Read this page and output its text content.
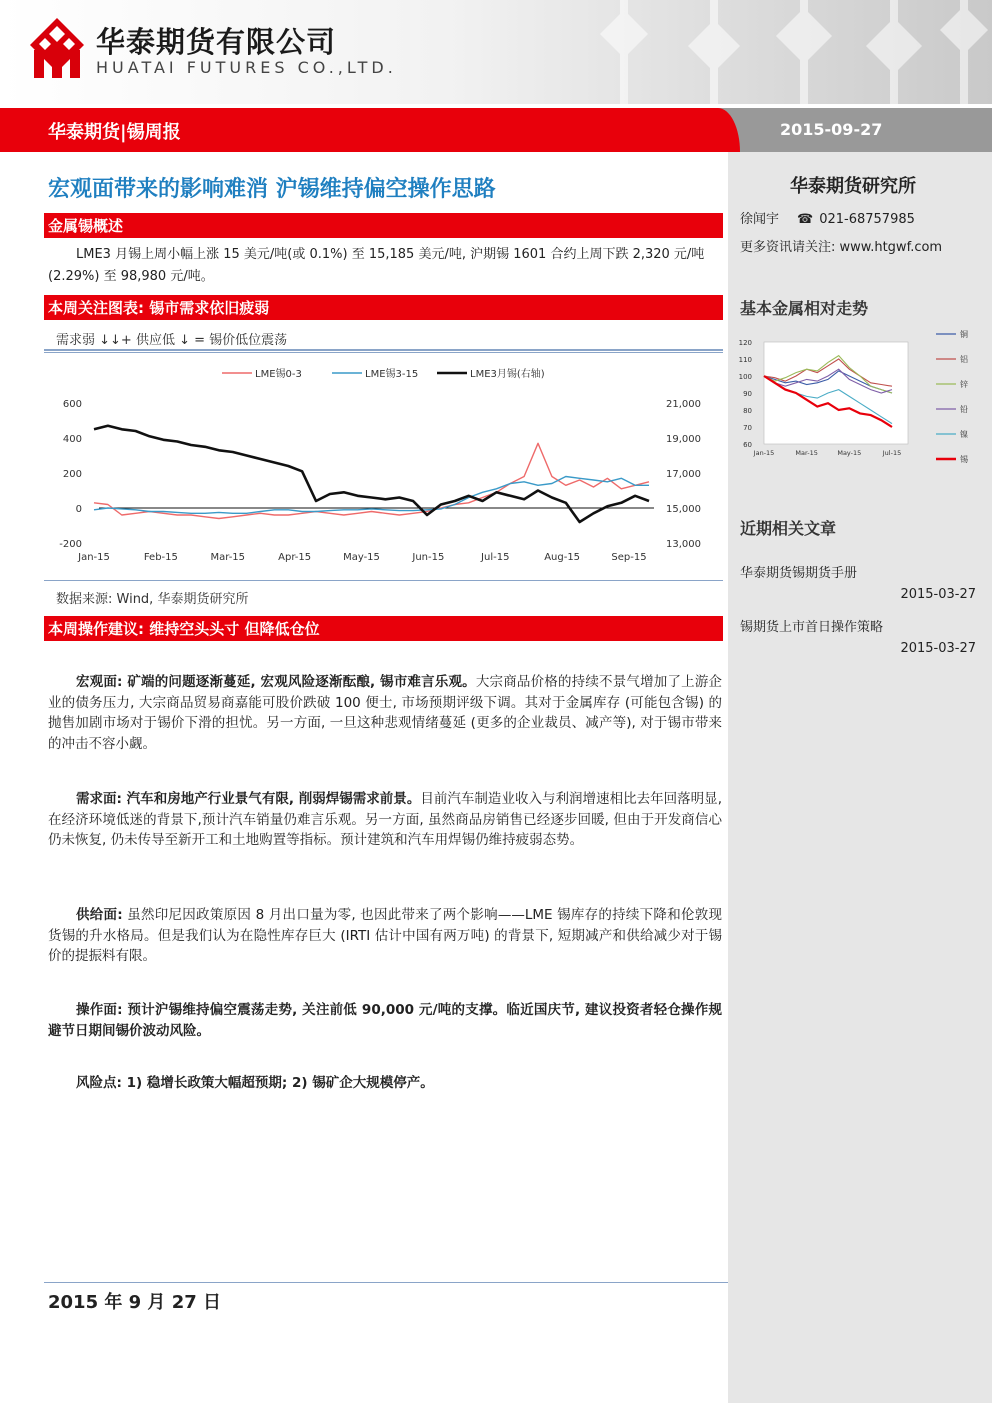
华泰期货有限公司
HUATAI FUTURES CO.,LTD.
华泰期货|锡周报	2015-09-27
华泰期货研究所
徐闻宇 ☎ 021-68757985
更多资讯请关注: www.htgwf.com
基本金属相对走势
120
110
100
90
80
70
60
Jan-15	Mar-15	May-15	Jul-15
铜
铝
锌
铅
镍
锡
近期相关文章
华泰期货锡期货手册
2015-03-27
锡期货上市首日操作策略
2015-03-27
宏观面带来的影响难消 沪锡维持偏空操作思路
金属锡概述
LME3 月锡上周小幅上涨 15 美元/吨(或 0.1%) 至 15,185 美元/吨, 沪期锡 1601 合约上周下跌 2,320 元/吨 (2.29%) 至 98,980 元/吨。
本周关注图表: 锡市需求依旧疲弱
需求弱 ↓↓+ 供应低 ↓ = 锡价低位震荡
LME锡0-3	LME锡3-15	LME3月锡(右轴)
600
400
200
0
-200
21,000
19,000
17,000
15,000
13,000
Jan-15	Feb-15	Mar-15	Apr-15	May-15	Jun-15	Jul-15	Aug-15	Sep-15
数据来源: Wind, 华泰期货研究所
本周操作建议: 维持空头头寸 但降低仓位
宏观面: 矿端的问题逐渐蔓延, 宏观风险逐渐酝酿, 锡市难言乐观。大宗商品价格的持续不景气增加了上游企业的债务压力, 大宗商品贸易商嘉能可股价跌破 100 便士, 市场预期评级下调。其对于金属库存 (可能包含锡) 的抛售加剧市场对于锡价下滑的担忧。另一方面, 一旦这种悲观情绪蔓延 (更多的企业裁员、减产等), 对于锡市带来的冲击不容小觑。
需求面: 汽车和房地产行业景气有限, 削弱焊锡需求前景。目前汽车制造业收入与利润增速相比去年回落明显, 在经济环境低迷的背景下,预计汽车销量仍难言乐观。另一方面, 虽然商品房销售已经逐步回暖, 但由于开发商信心仍未恢复, 仍未传导至新开工和土地购置等指标。预计建筑和汽车用焊锡仍维持疲弱态势。
供给面: 虽然印尼因政策原因 8 月出口量为零, 也因此带来了两个影响——LME 锡库存的持续下降和伦敦现货锡的升水格局。但是我们认为在隐性库存巨大 (IRTI 估计中国有两万吨) 的背景下, 短期减产和供给减少对于锡价的提振料有限。
操作面: 预计沪锡维持偏空震荡走势, 关注前低 90,000 元/吨的支撑。临近国庆节, 建议投资者轻仓操作规避节日期间锡价波动风险。
风险点: 1) 稳增长政策大幅超预期; 2) 锡矿企大规模停产。
2015 年 9 月 27 日
